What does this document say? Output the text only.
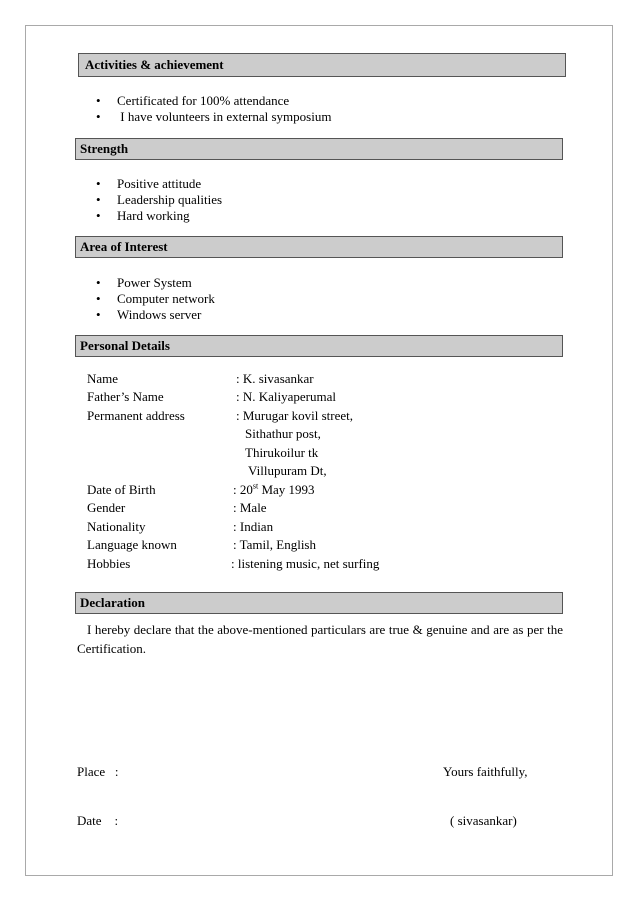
Activities & achievement
• Certificated for 100% attendance
•  I have volunteers in external symposium
Strength
• Positive attitude
• Leadership qualities
• Hard working
Area of Interest
• Power System
• Computer network
• Windows server
Personal Details
Name	: K. sivasankar
Father’s Name	: N. Kaliyaperumal
Permanent address	: Murugar kovil street,
Sithathur post,
Thirukoilur tk
Villupuram Dt,
Date of Birth	: 20st May 1993
Gender	: Male
Nationality	: Indian
Language known	: Tamil, English
Hobbies	: listening music, net surfing
Declaration
I hereby declare that the above-mentioned particulars are true & genuine and are as per the Certification.
Place   :	Yours faithfully,
Date    :	( sivasankar)
